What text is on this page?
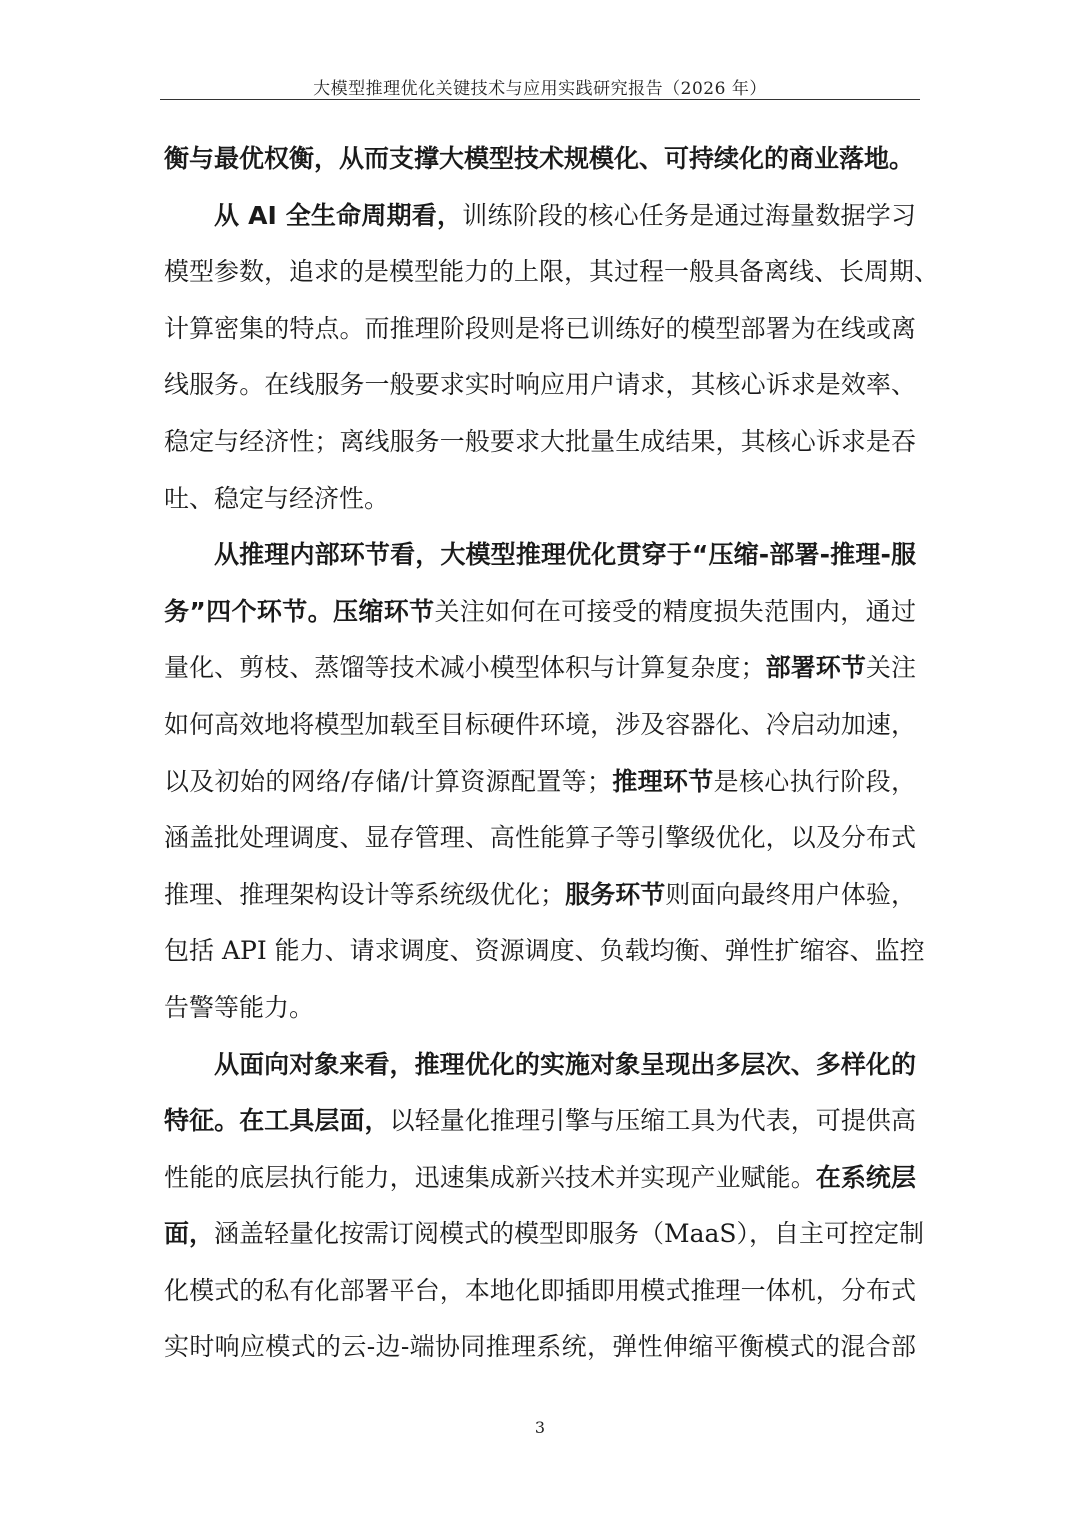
大模型推理优化关键技术与应用实践研究报告（2026 年）
衡与最优权衡，从而支撑大模型技术规模化、可持续化的商业落地。
从 AI 全生命周期看，训练阶段的核心任务是通过海量数据学习
模型参数，追求的是模型能力的上限，其过程一般具备离线、长周期、
计算密集的特点。而推理阶段则是将已训练好的模型部署为在线或离
线服务。在线服务一般要求实时响应用户请求，其核心诉求是效率、
稳定与经济性；离线服务一般要求大批量生成结果，其核心诉求是吞
吐、稳定与经济性。
从推理内部环节看，大模型推理优化贯穿于“压缩-部署-推理-服
务”四个环节。压缩环节关注如何在可接受的精度损失范围内，通过
量化、剪枝、蒸馏等技术减小模型体积与计算复杂度；部署环节关注
如何高效地将模型加载至目标硬件环境，涉及容器化、冷启动加速，
以及初始的网络/存储/计算资源配置等；推理环节是核心执行阶段，
涵盖批处理调度、显存管理、高性能算子等引擎级优化，以及分布式
推理、推理架构设计等系统级优化；服务环节则面向最终用户体验，
包括 API 能力、请求调度、资源调度、负载均衡、弹性扩缩容、监控
告警等能力。
从面向对象来看，推理优化的实施对象呈现出多层次、多样化的
特征。在工具层面，以轻量化推理引擎与压缩工具为代表，可提供高
性能的底层执行能力，迅速集成新兴技术并实现产业赋能。在系统层
面，涵盖轻量化按需订阅模式的模型即服务（MaaS），自主可控定制
化模式的私有化部署平台，本地化即插即用模式推理一体机，分布式
实时响应模式的云-边-端协同推理系统，弹性伸缩平衡模式的混合部
3
